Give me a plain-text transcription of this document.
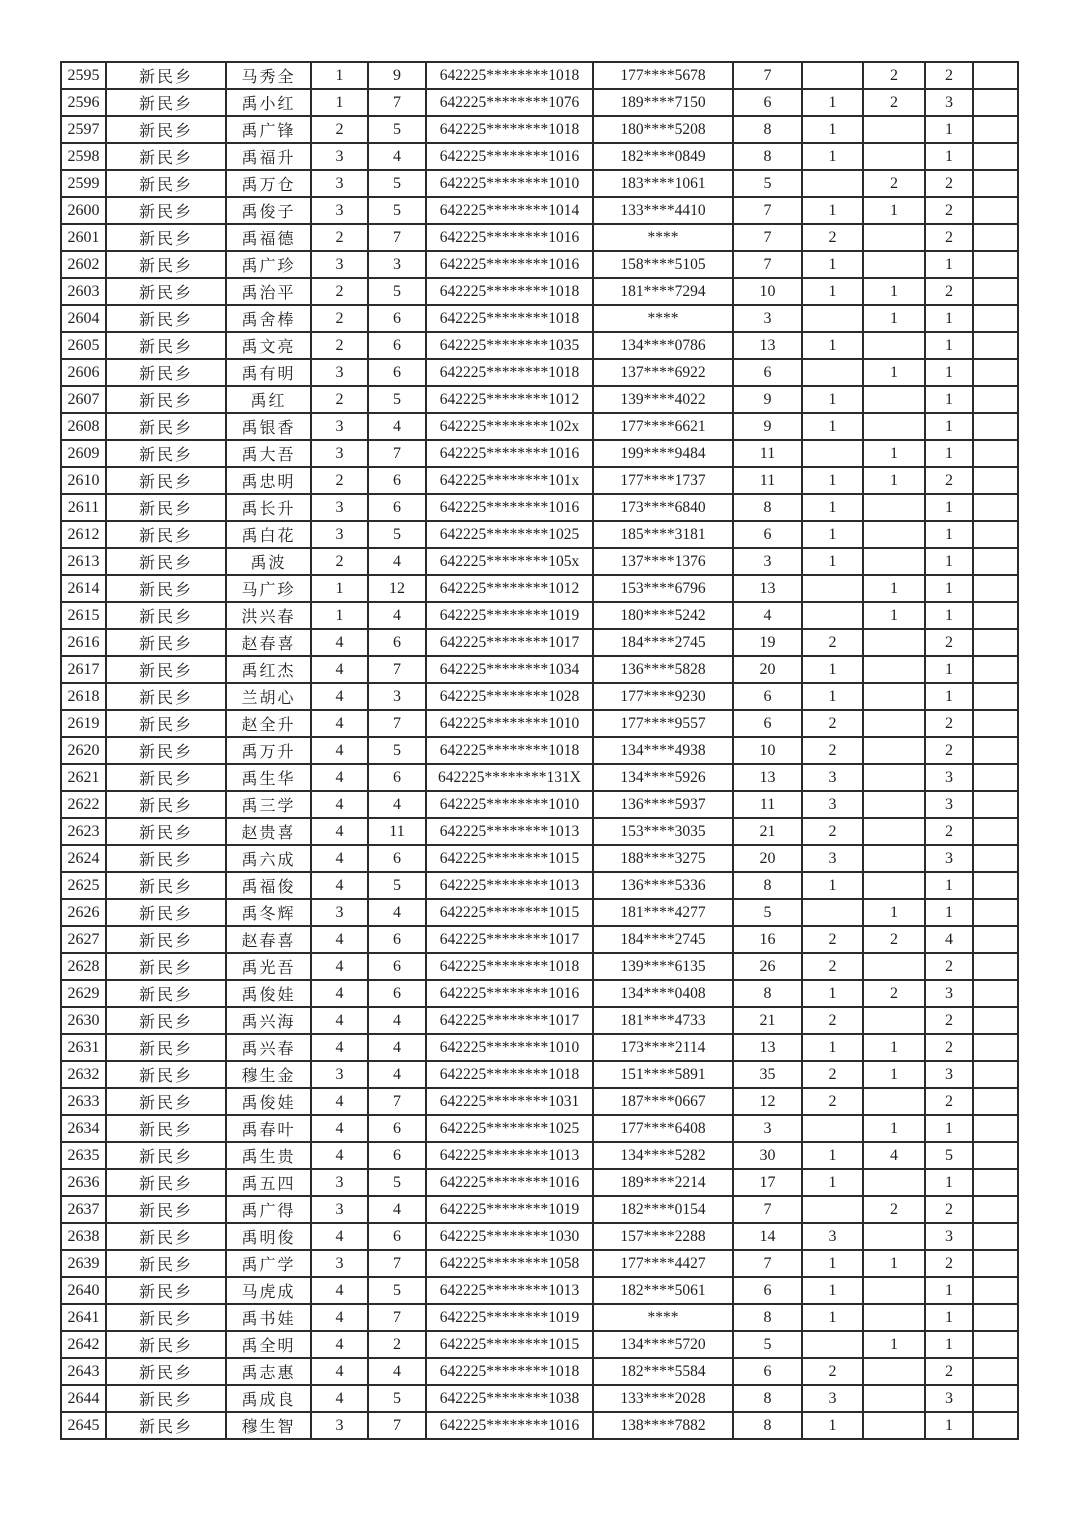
2595	新民乡	马秀全	1	9	642225********1018	177****5678	7		2	2	
2596	新民乡	禹小红	1	7	642225********1076	189****7150	6	1	2	3	
2597	新民乡	禹广锋	2	5	642225********1018	180****5208	8	1		1	
2598	新民乡	禹福升	3	4	642225********1016	182****0849	8	1		1	
2599	新民乡	禹万仓	3	5	642225********1010	183****1061	5		2	2	
2600	新民乡	禹俊子	3	5	642225********1014	133****4410	7	1	1	2	
2601	新民乡	禹福德	2	7	642225********1016	****	7	2		2	
2602	新民乡	禹广珍	3	3	642225********1016	158****5105	7	1		1	
2603	新民乡	禹治平	2	5	642225********1018	181****7294	10	1	1	2	
2604	新民乡	禹舍棒	2	6	642225********1018	****	3		1	1	
2605	新民乡	禹文亮	2	6	642225********1035	134****0786	13	1		1	
2606	新民乡	禹有明	3	6	642225********1018	137****6922	6		1	1	
2607	新民乡	禹红	2	5	642225********1012	139****4022	9	1		1	
2608	新民乡	禹银香	3	4	642225********102x	177****6621	9	1		1	
2609	新民乡	禹大吾	3	7	642225********1016	199****9484	11		1	1	
2610	新民乡	禹忠明	2	6	642225********101x	177****1737	11	1	1	2	
2611	新民乡	禹长升	3	6	642225********1016	173****6840	8	1		1	
2612	新民乡	禹白花	3	5	642225********1025	185****3181	6	1		1	
2613	新民乡	禹波	2	4	642225********105x	137****1376	3	1		1	
2614	新民乡	马广珍	1	12	642225********1012	153****6796	13		1	1	
2615	新民乡	洪兴春	1	4	642225********1019	180****5242	4		1	1	
2616	新民乡	赵春喜	4	6	642225********1017	184****2745	19	2		2	
2617	新民乡	禹红杰	4	7	642225********1034	136****5828	20	1		1	
2618	新民乡	兰胡心	4	3	642225********1028	177****9230	6	1		1	
2619	新民乡	赵全升	4	7	642225********1010	177****9557	6	2		2	
2620	新民乡	禹万升	4	5	642225********1018	134****4938	10	2		2	
2621	新民乡	禹生华	4	6	642225********131X	134****5926	13	3		3	
2622	新民乡	禹三学	4	4	642225********1010	136****5937	11	3		3	
2623	新民乡	赵贵喜	4	11	642225********1013	153****3035	21	2		2	
2624	新民乡	禹六成	4	6	642225********1015	188****3275	20	3		3	
2625	新民乡	禹福俊	4	5	642225********1013	136****5336	8	1		1	
2626	新民乡	禹冬辉	3	4	642225********1015	181****4277	5		1	1	
2627	新民乡	赵春喜	4	6	642225********1017	184****2745	16	2	2	4	
2628	新民乡	禹光吾	4	6	642225********1018	139****6135	26	2		2	
2629	新民乡	禹俊娃	4	6	642225********1016	134****0408	8	1	2	3	
2630	新民乡	禹兴海	4	4	642225********1017	181****4733	21	2		2	
2631	新民乡	禹兴春	4	4	642225********1010	173****2114	13	1	1	2	
2632	新民乡	穆生金	3	4	642225********1018	151****5891	35	2	1	3	
2633	新民乡	禹俊娃	4	7	642225********1031	187****0667	12	2		2	
2634	新民乡	禹春叶	4	6	642225********1025	177****6408	3		1	1	
2635	新民乡	禹生贵	4	6	642225********1013	134****5282	30	1	4	5	
2636	新民乡	禹五四	3	5	642225********1016	189****2214	17	1		1	
2637	新民乡	禹广得	3	4	642225********1019	182****0154	7		2	2	
2638	新民乡	禹明俊	4	6	642225********1030	157****2288	14	3		3	
2639	新民乡	禹广学	3	7	642225********1058	177****4427	7	1	1	2	
2640	新民乡	马虎成	4	5	642225********1013	182****5061	6	1		1	
2641	新民乡	禹书娃	4	7	642225********1019	****	8	1		1	
2642	新民乡	禹全明	4	2	642225********1015	134****5720	5		1	1	
2643	新民乡	禹志惠	4	4	642225********1018	182****5584	6	2		2	
2644	新民乡	禹成良	4	5	642225********1038	133****2028	8	3		3	
2645	新民乡	穆生智	3	7	642225********1016	138****7882	8	1		1	
